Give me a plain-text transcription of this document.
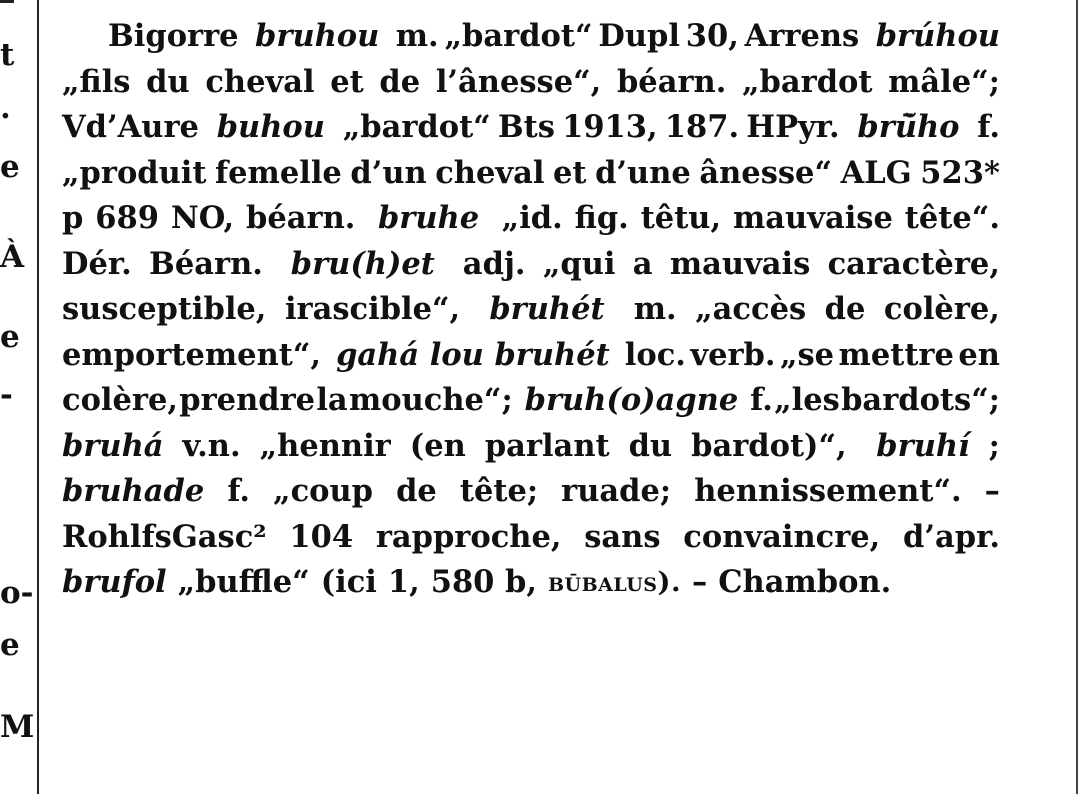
t
.
e
À
e
-
o-
e
M
Bigorre bruhou m. „bardot“ Dupl 30, Arrens brúhou
„fils du cheval et de l’ânesse“, béarn. „bardot mâle“;
Vd’Aure buhou „bardot“ Bts 1913, 187. HPyr. brū̆ho f.
„produit femelle d’un cheval et d’une ânesse“ ALG 523*
p 689 NO, béarn. bruhe „id. fig. têtu, mauvaise tête“.
Dér. Béarn. bru(h)et adj. „qui a mauvais caractère,
susceptible, irascible“, bruhét m. „accès de colère,
emportement“, gahá lou bruhét loc. verb. „se mettre en
colère, prendre la mouche“; bruh(o)agne f. „les bardots“;
bruhá v.n. „hennir (en parlant du bardot)“, bruhí ;
bruhade f. „coup de tête; ruade; hennissement“. –
RohlfsGasc² 104 rapproche, sans convaincre, d’apr.
brufol „buffle“ (ici 1, 580 b, būbalus). – Chambon.
